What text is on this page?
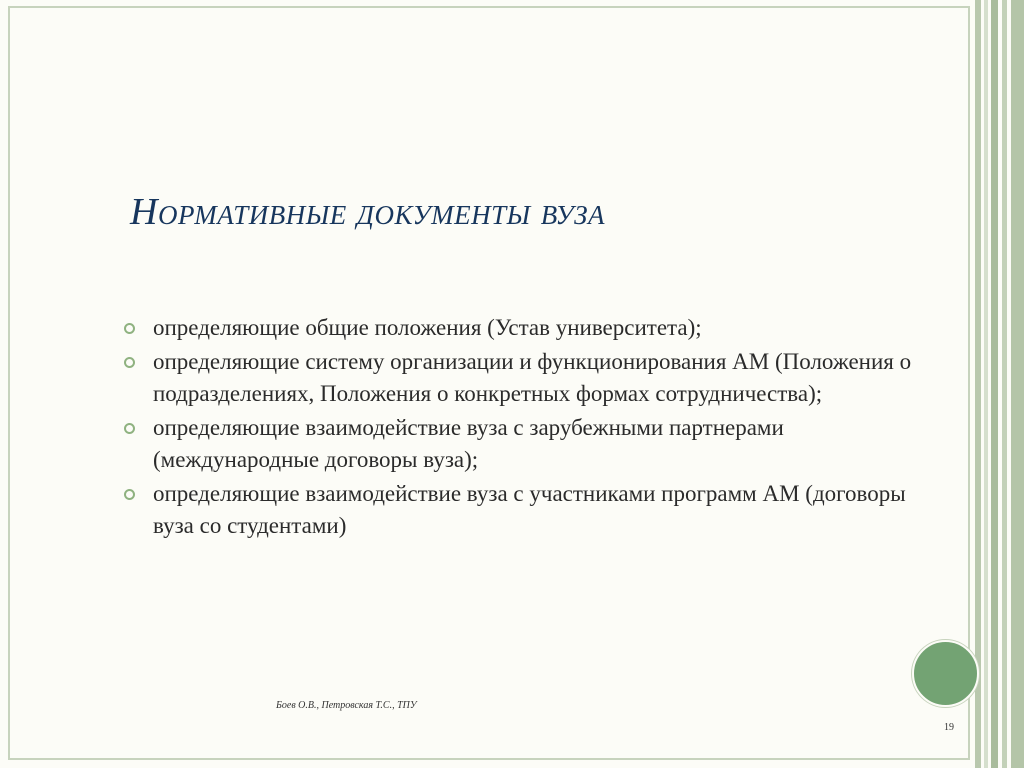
Нормативные документы вуза
определяющие общие положения (Устав университета);
определяющие систему организации и функционирования АМ (Положения о подразделениях, Положения о конкретных формах сотрудничества);
определяющие взаимодействие вуза с зарубежными партнерами (международные договоры вуза);
определяющие взаимодействие вуза с участниками программ АМ (договоры вуза со студентами)
Боев О.В., Петровская Т.С., ТПУ
19
